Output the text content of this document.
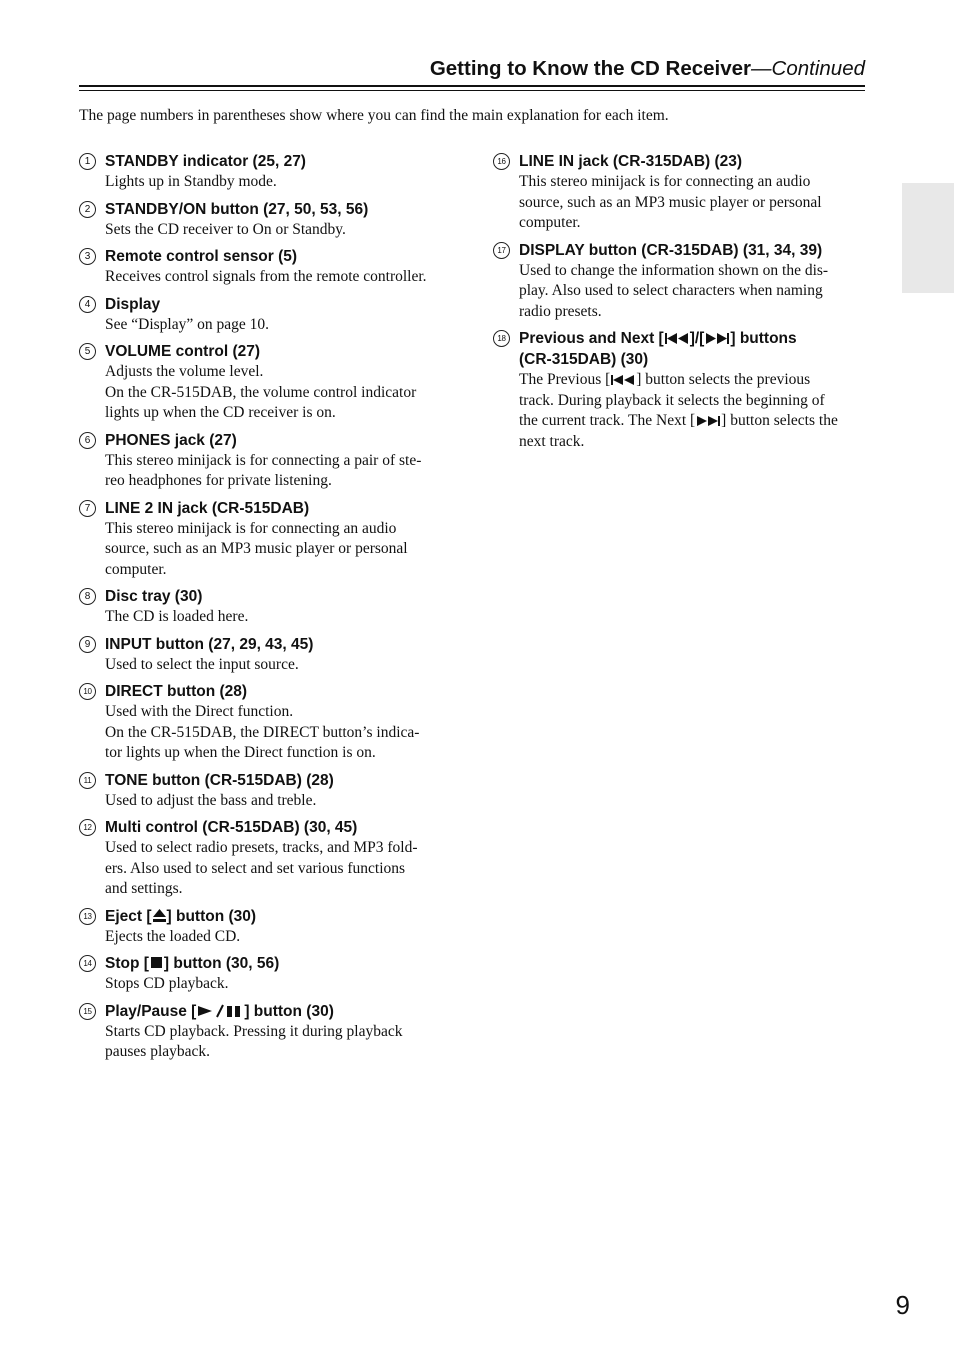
Getting to Know the CD Receiver—Continued
The page numbers in parentheses show where you can find the main explanation for each item.
1 STANDBY indicator (25, 27)
Lights up in Standby mode.
2 STANDBY/ON button (27, 50, 53, 56)
Sets the CD receiver to On or Standby.
3 Remote control sensor (5)
Receives control signals from the remote controller.
4 Display
See “Display” on page 10.
5 VOLUME control (27)
Adjusts the volume level.
On the CR-515DAB, the volume control indicator
lights up when the CD receiver is on.
6 PHONES jack (27)
This stereo minijack is for connecting a pair of ste-
reo headphones for private listening.
7 LINE 2 IN jack (CR-515DAB)
This stereo minijack is for connecting an audio
source, such as an MP3 music player or personal
computer.
8 Disc tray (30)
The CD is loaded here.
9 INPUT button (27, 29, 43, 45)
Used to select the input source.
10 DIRECT button (28)
Used with the Direct function.
On the CR-515DAB, the DIRECT button’s indica-
tor lights up when the Direct function is on.
11 TONE button (CR-515DAB) (28)
Used to adjust the bass and treble.
12 Multi control (CR-515DAB) (30, 45)
Used to select radio presets, tracks, and MP3 fold-
ers. Also used to select and set various functions
and settings.
13 Eject [ ] button (30)
Ejects the loaded CD.
14 Stop [ ] button (30, 56)
Stops CD playback.
15 Play/Pause [	] button (30)
Starts CD playback. Pressing it during playback
pauses playback.
16 LINE IN jack (CR-315DAB) (23)
This stereo minijack is for connecting an audio
source, such as an MP3 music player or personal
computer.
17 DISPLAY button (CR-315DAB) (31, 34, 39)
Used to change the information shown on the dis-
play. Also used to select characters when naming
radio presets.
18 Previous and Next [ ]/[ ] buttons
(CR-315DAB) (30)
The Previous [ ] button selects the previous
track. During playback it selects the beginning of
the current track. The Next [ ] button selects the
next track.
9
